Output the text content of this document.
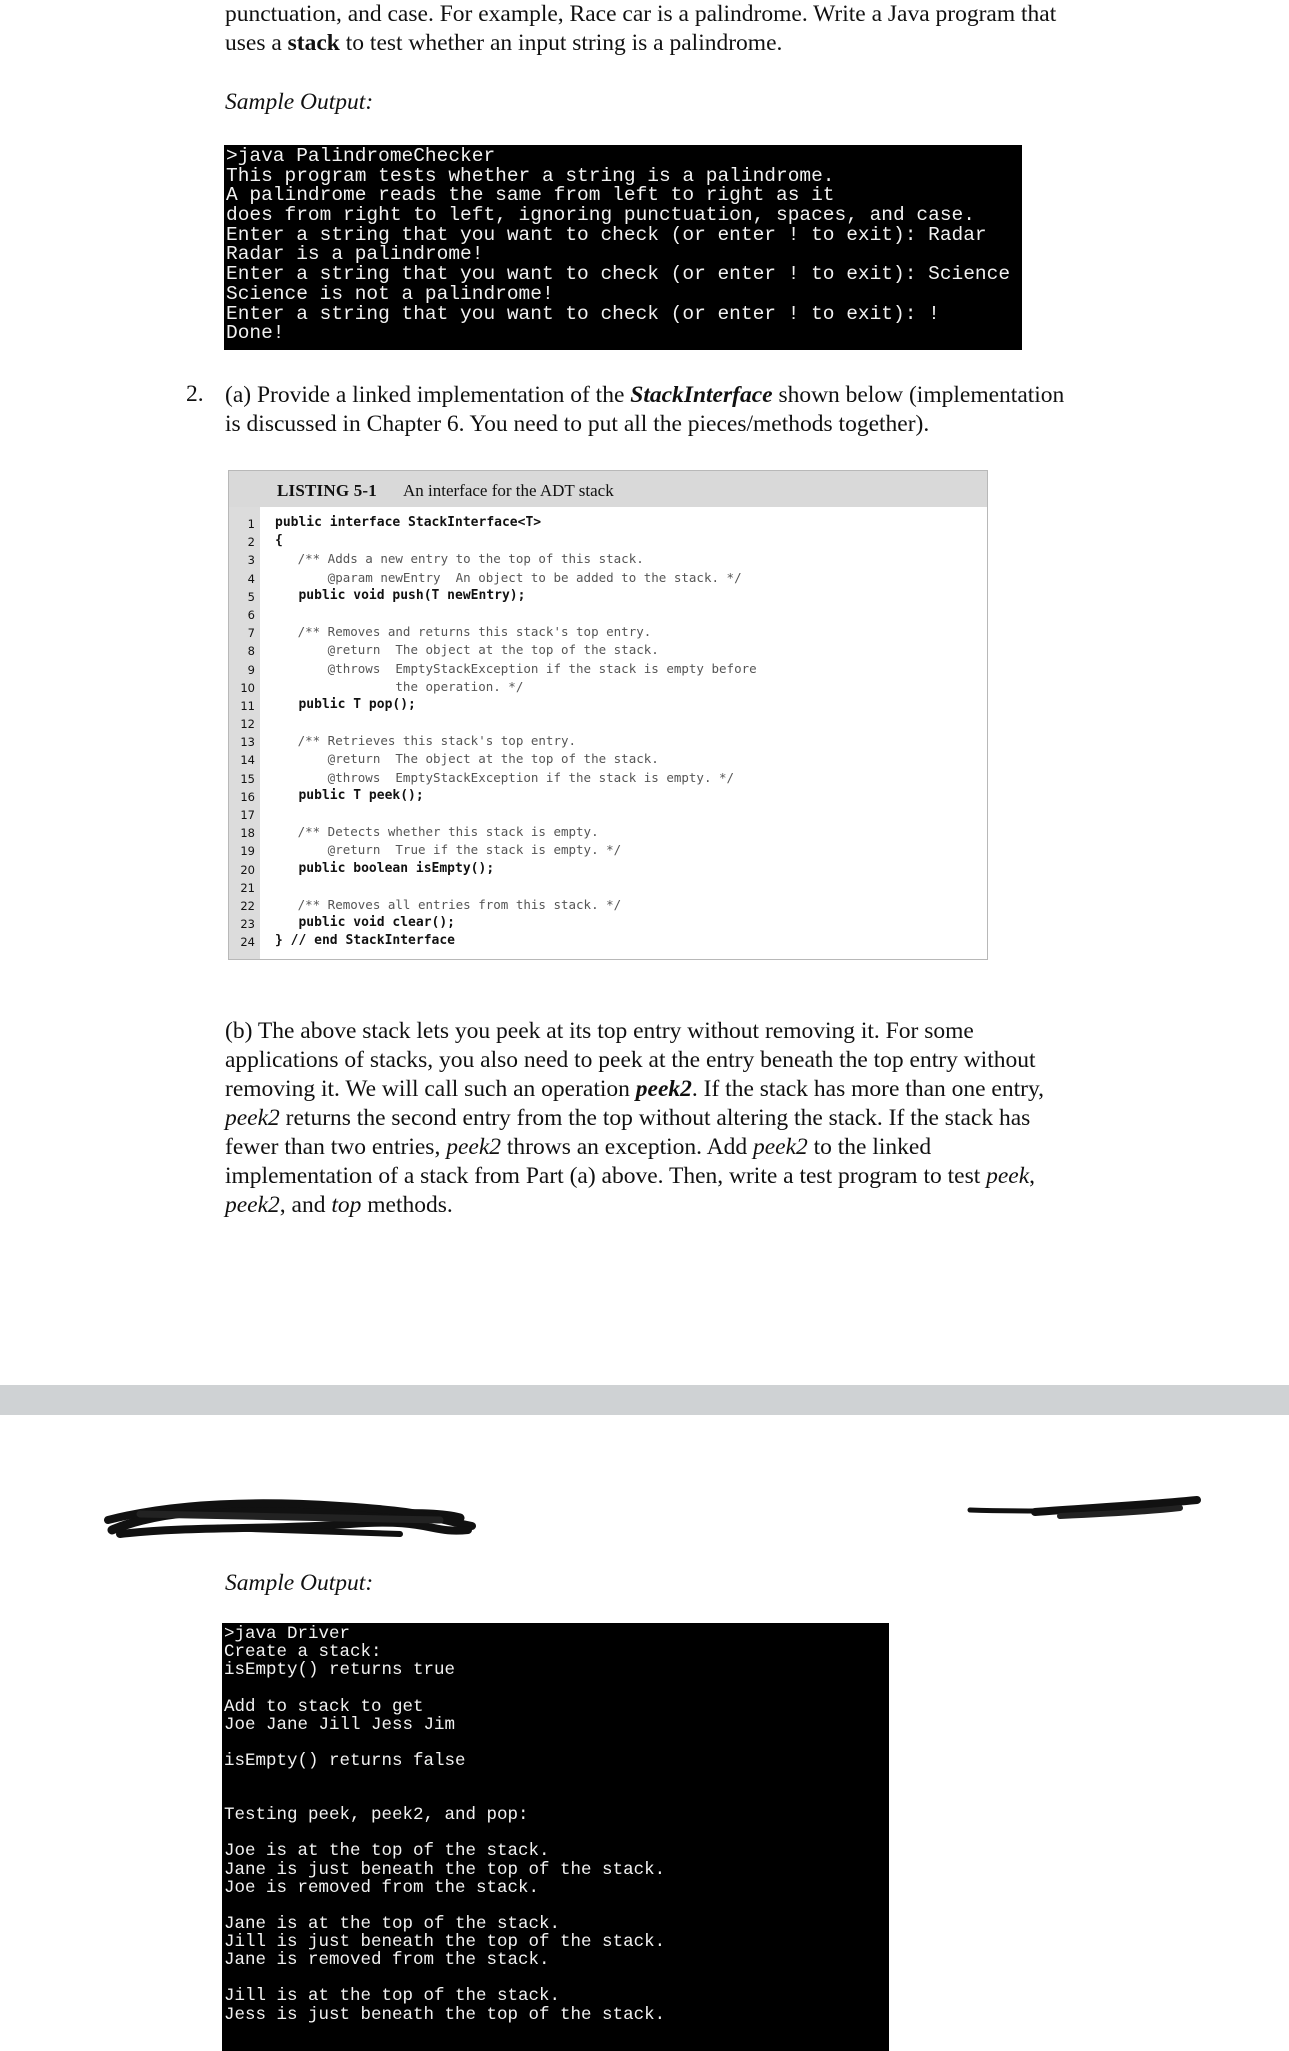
punctuation, and case. For example, Race car is a palindrome. Write a Java program that
uses a stack to test whether an input string is a palindrome.
Sample Output:
>java PalindromeChecker
This program tests whether a string is a palindrome.
A palindrome reads the same from left to right as it
does from right to left, ignoring punctuation, spaces, and case.
Enter a string that you want to check (or enter ! to exit): Radar
Radar is a palindrome!
Enter a string that you want to check (or enter ! to exit): Science
Science is not a palindrome!
Enter a string that you want to check (or enter ! to exit): !
Done!
2. (a) Provide a linked implementation of the StackInterface shown below (implementation
is discussed in Chapter 6. You need to put all the pieces/methods together).
LISTING 5-1 An interface for the ADT stack
1 public interface StackInterface<T>
2 {
3 /** Adds a new entry to the top of this stack.
4 @param newEntry  An object to be added to the stack. */
5 public void push(T newEntry);
6
7 /** Removes and returns this stack's top entry.
8 @return  The object at the top of the stack.
9 @throws  EmptyStackException if the stack is empty before
10 the operation. */
11 public T pop();
12
13 /** Retrieves this stack's top entry.
14 @return  The object at the top of the stack.
15 @throws  EmptyStackException if the stack is empty. */
16 public T peek();
17
18 /** Detects whether this stack is empty.
19 @return  True if the stack is empty. */
20 public boolean isEmpty();
21
22 /** Removes all entries from this stack. */
23 public void clear();
24 } // end StackInterface
(b) The above stack lets you peek at its top entry without removing it. For some
applications of stacks, you also need to peek at the entry beneath the top entry without
removing it. We will call such an operation peek2. If the stack has more than one entry,
peek2 returns the second entry from the top without altering the stack. If the stack has
fewer than two entries, peek2 throws an exception. Add peek2 to the linked
implementation of a stack from Part (a) above. Then, write a test program to test peek,
peek2, and top methods.
Sample Output:
>java Driver
Create a stack:
isEmpty() returns true
Add to stack to get
Joe Jane Jill Jess Jim
isEmpty() returns false
Testing peek, peek2, and pop:
Joe is at the top of the stack.
Jane is just beneath the top of the stack.
Joe is removed from the stack.
Jane is at the top of the stack.
Jill is just beneath the top of the stack.
Jane is removed from the stack.
Jill is at the top of the stack.
Jess is just beneath the top of the stack.
